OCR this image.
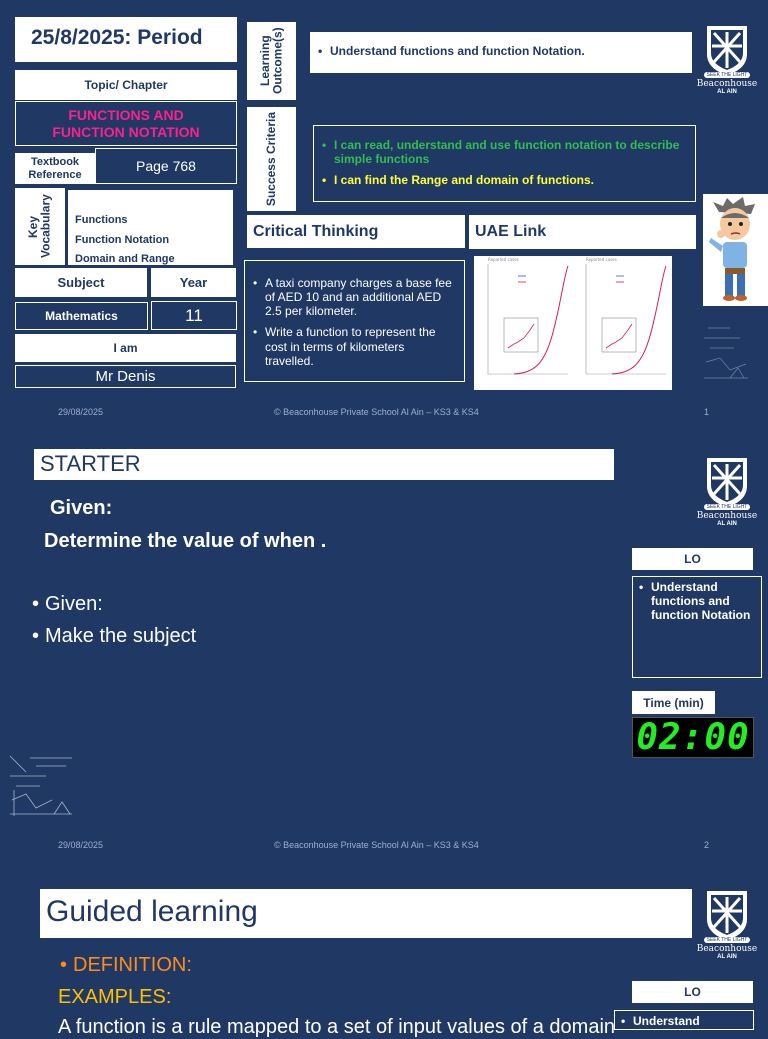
25/8/2025: Period
Topic/ Chapter
FUNCTIONS AND FUNCTION NOTATION
Textbook Reference
Page 768
Key Vocabulary Functions
Function Notation
Domain and Range
Subject	Year
Mathematics	11
I am
Mr Denis
Learning Outcome(s)	• Understand functions and function Notation.
Success Criteria	• I can read, understand and use function notation to describe simple functions
• I can find the Range and domain of functions.
Critical Thinking	UAE Link
• A taxi company charges a base fee of AED 10 and an additional AED 2.5 per kilometer.
• Write a function to represent the cost in terms of kilometers travelled.
Reported cases	Reported cases
SEEK THE LIGHT
Beaconhouse
AL AIN
29/08/2025	© Beaconhouse Private School Al Ain – KS3 & KS4	1
STARTER
Given:
Determine the value of when .
• Given:
• Make the subject
SEEK THE LIGHT
Beaconhouse
AL AIN
LO
• Understand functions and function Notation
Time (min)
02:00
29/08/2025	© Beaconhouse Private School Al Ain – KS3 & KS4	2
Guided learning
• DEFINITION:
EXAMPLES:
A function is a rule mapped to a set of input values of a domain
SEEK THE LIGHT
Beaconhouse
AL AIN
LO
• Understand
